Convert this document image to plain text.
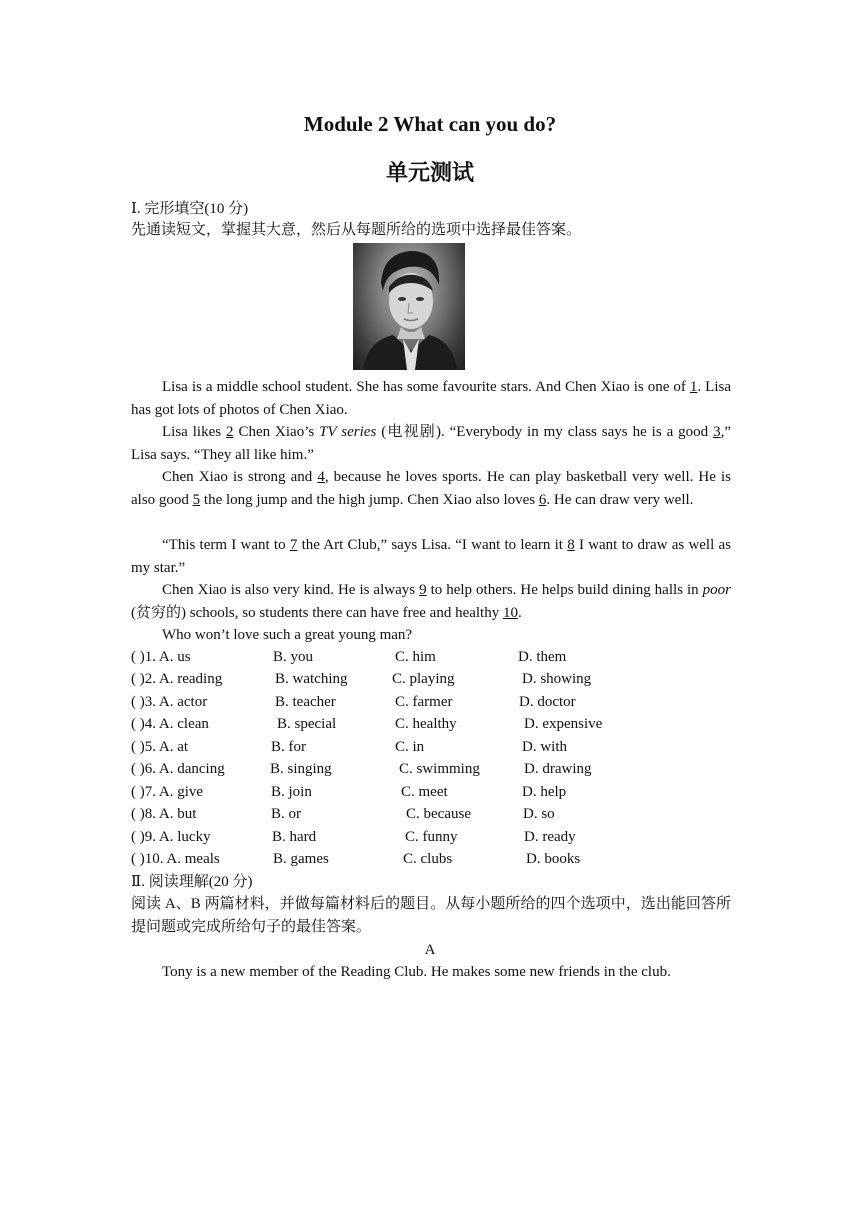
Module 2 What can you do?
单元测试
Ⅰ. 完形填空(10 分)
先通读短文，掌握其大意，然后从每题所给的选项中选择最佳答案。
Lisa is a middle school student. She has some favourite stars. And Chen Xiao is one of 1. Lisa has got lots of photos of Chen Xiao.
Lisa likes 2 Chen Xiao’s TV series (电视剧). “Everybody in my class says he is a good 3,” Lisa says. “They all like him.”
Chen Xiao is strong and 4, because he loves sports. He can play basketball very well. He is also good 5 the long jump and the high jump. Chen Xiao also loves 6. He can draw very well.
“This term I want to 7 the Art Club,” says Lisa. “I want to learn it 8 I want to draw as well as my star.”
Chen Xiao is also very kind. He is always 9 to help others. He helps build dining halls in poor (贫穷的) schools, so students there can have free and healthy 10.
Who won’t love such a great young man?
( )1. A. us	B. you	C. him	D. them
( )2. A. reading	B. watching	C. playing	D. showing
( )3. A. actor	B. teacher	C. farmer	D. doctor
( )4. A. clean	B. special	C. healthy	D. expensive
( )5. A. at	B. for	C. in	D. with
( )6. A. dancing	B. singing	C. swimming	D. drawing
( )7. A. give	B. join	C. meet	D. help
( )8. A. but	B. or	C. because	D. so
( )9. A. lucky	B. hard	C. funny	D. ready
( )10. A. meals	B. games	C. clubs	D. books
Ⅱ. 阅读理解(20 分)
阅读 A、B 两篇材料，并做每篇材料后的题目。从每小题所给的四个选项中，选出能回答所提问题或完成所给句子的最佳答案。
A
Tony is a new member of the Reading Club. He makes some new friends in the club.
